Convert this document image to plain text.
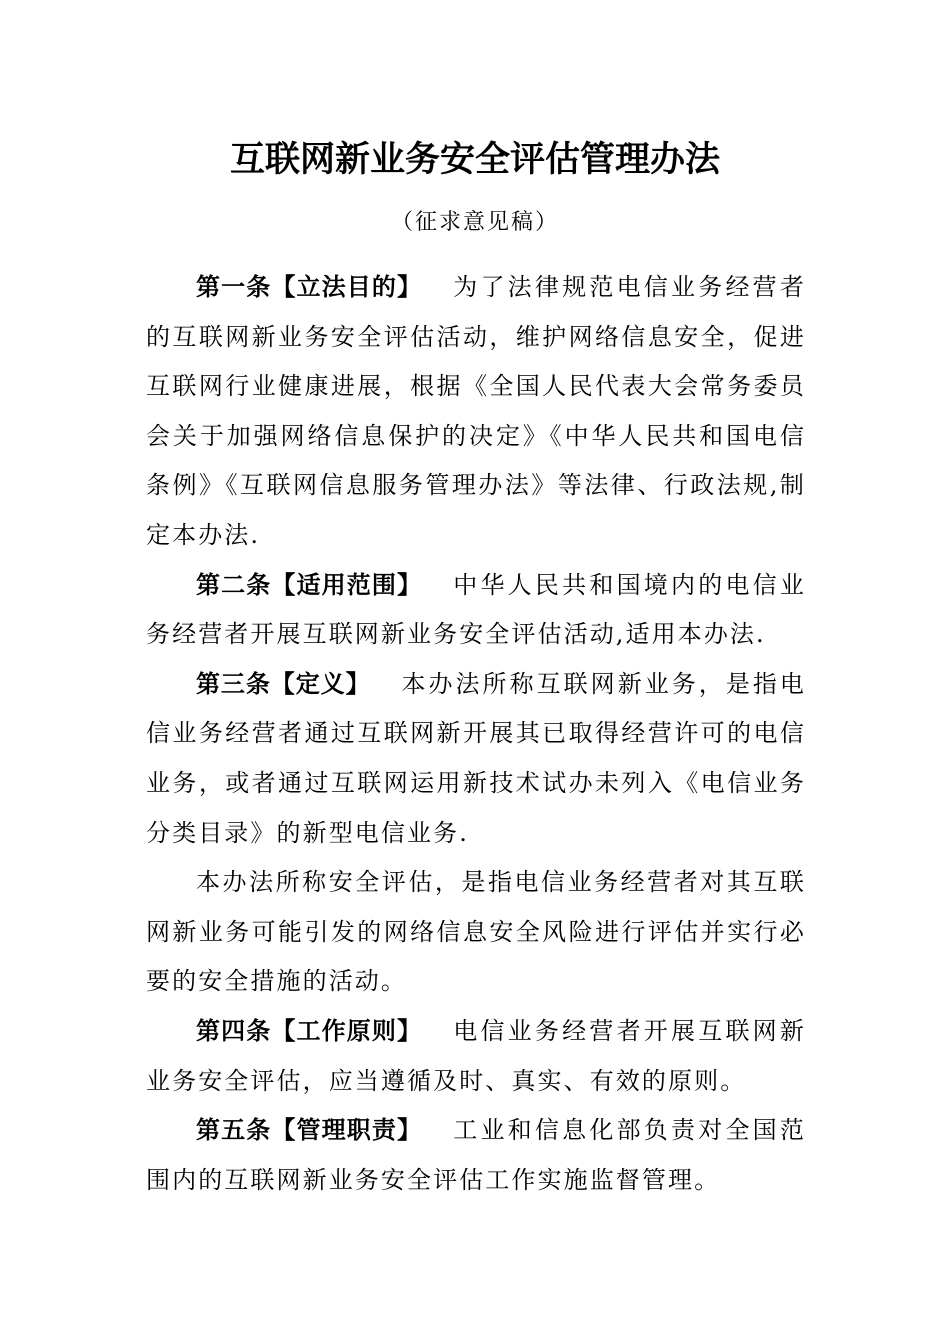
互联网新业务安全评估管理办法
（征求意见稿）

第一条【立法目的】 为了法律规范电信业务经营者的互联网新业务安全评估活动，维护网络信息安全，促进互联网行业健康进展，根据《全国人民代表大会常务委员会关于加强网络信息保护的决定》《中华人民共和国电信条例》《互联网信息服务管理办法》等法律、行政法规,制定本办法.

第二条【适用范围】 中华人民共和国境内的电信业务经营者开展互联网新业务安全评估活动,适用本办法.

第三条【定义】 本办法所称互联网新业务，是指电信业务经营者通过互联网新开展其已取得经营许可的电信业务，或者通过互联网运用新技术试办未列入《电信业务分类目录》的新型电信业务.

本办法所称安全评估，是指电信业务经营者对其互联网新业务可能引发的网络信息安全风险进行评估并实行必要的安全措施的活动。

第四条【工作原则】 电信业务经营者开展互联网新业务安全评估，应当遵循及时、真实、有效的原则。

第五条【管理职责】 工业和信息化部负责对全国范围内的互联网新业务安全评估工作实施监督管理。
